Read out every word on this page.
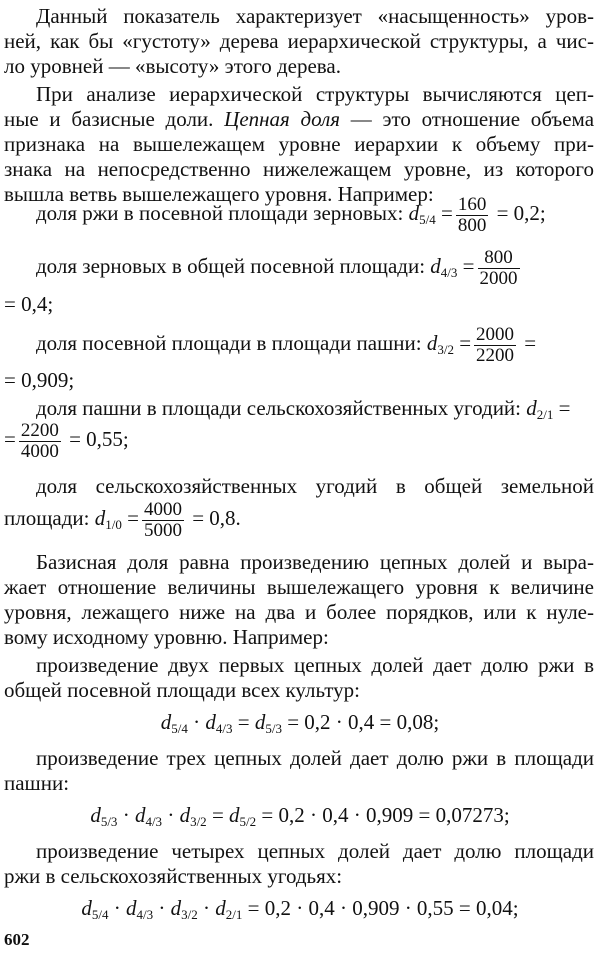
Данный показатель характеризует «насыщенность» уров-
ней, как бы «густоту» дерева иерархической структуры, а чис-
ло уровней — «высоту» этого дерева.
При анализе иерархической структуры вычисляются цеп-
ные и базисные доли. Цепная доля — это отношение объема
признака на вышележащем уровне иерархии к объему при-
знака на непосредственно нижележащем уровне, из которого
вышла ветвь вышележащего уровня. Например:
доля ржи в посевной площади зерновых: $d_{5/4} = \frac{160}{800} = 0,2$;
доля зерновых в общей посевной площади: $d_{4/3} = \frac{800}{2000}$
= 0,4;
доля посевной площади в площади пашни: $d_{3/2} = \frac{2000}{2200}$ =
= 0,909;
доля пашни в площади сельскохозяйственных угодий: $d_{2/1}$ =
= $\frac{2200}{4000} = 0,55$;
доля сельскохозяйственных угодий в общей земельной
площади: $d_{1/0} = \frac{4000}{5000} = 0,8$.
Базисная доля равна произведению цепных долей и выра-
жает отношение величины вышележащего уровня к величине
уровня, лежащего ниже на два и более порядков, или к нуле-
вому исходному уровню. Например:
произведение двух первых цепных долей дает долю ржи в
общей посевной площади всех культур:
$d_{5/4} \cdot d_{4/3} = d_{5/3} = 0,2 \cdot 0,4 = 0,08$;
произведение трех цепных долей дает долю ржи в площади
пашни:
$d_{5/3} \cdot d_{4/3} \cdot d_{3/2} = d_{5/2} = 0,2 \cdot 0,4 \cdot 0,909 = 0,07273$;
произведение четырех цепных долей дает долю площади
ржи в сельскохозяйственных угодьях:
$d_{5/4} \cdot d_{4/3} \cdot d_{3/2} \cdot d_{2/1} = 0,2 \cdot 0,4 \cdot 0,909 \cdot 0,55 = 0,04$;
602
